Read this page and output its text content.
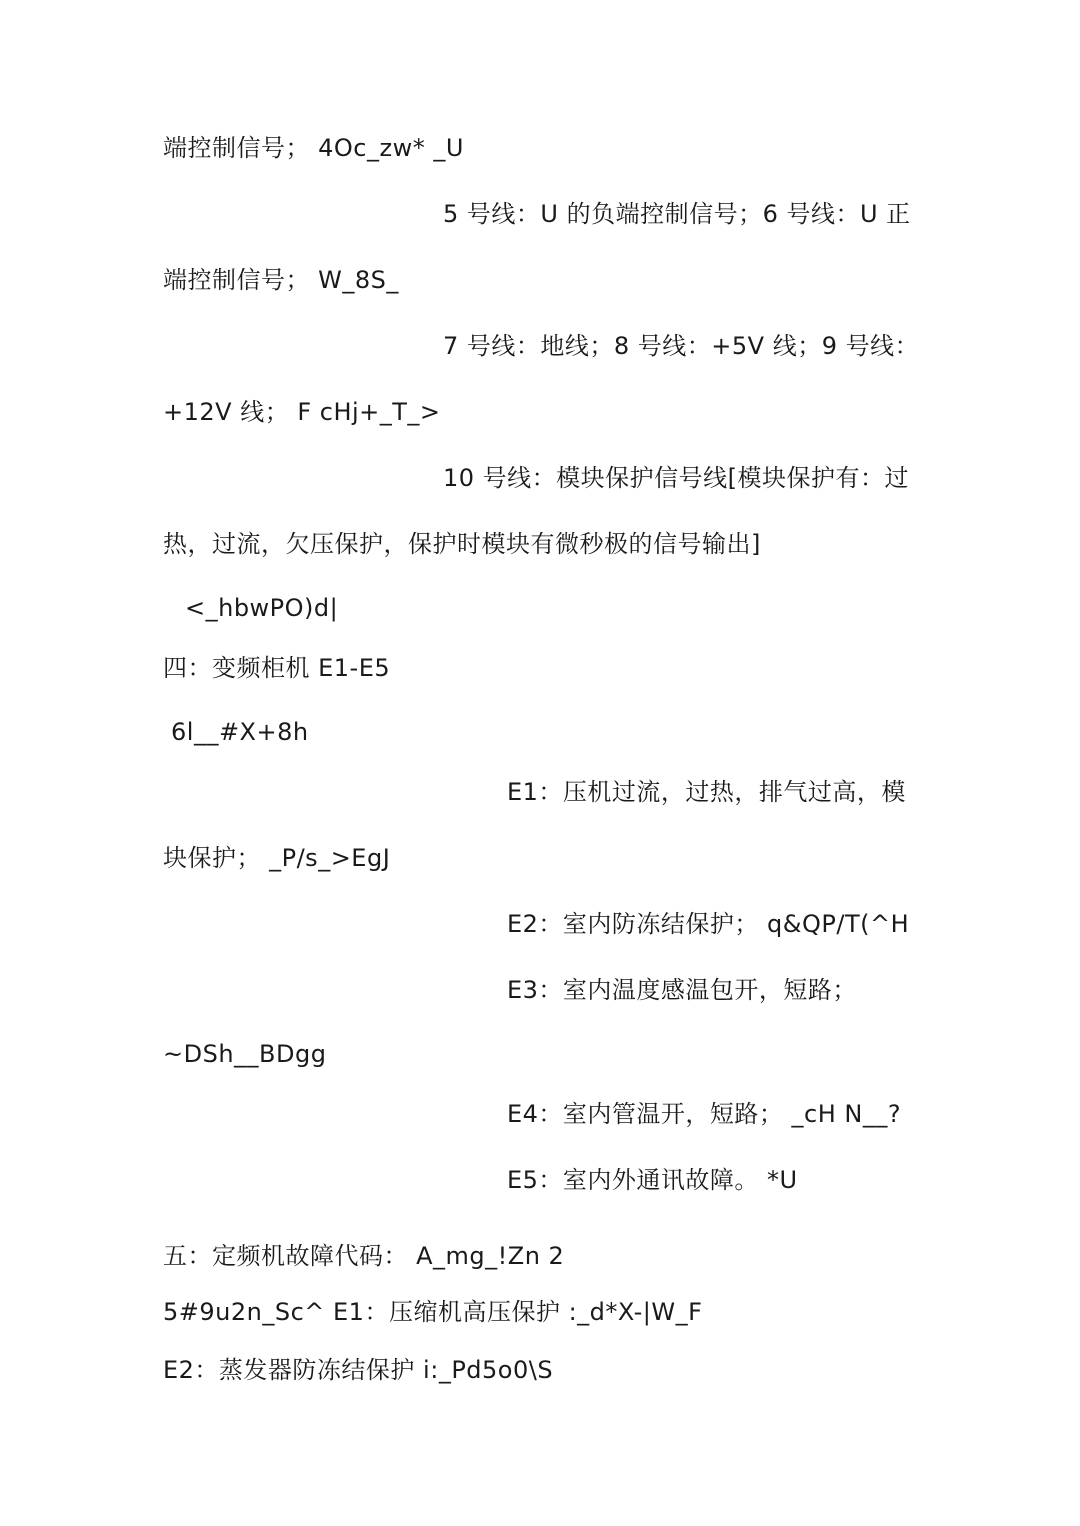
端控制信号； 4Oc_zw* _U
5 号线：U 的负端控制信号；6 号线：U 正
端控制信号； W_8S_
7 号线：地线；8 号线：+5V 线；9 号线：
+12V 线； F cHj+_T_>
10 号线：模块保护信号线[模块保护有：过
热，过流，欠压保护，保护时模块有微秒极的信号输出]
<_hbwPO)d|
四：变频柜机 E1-E5
6l__#X+8h
E1：压机过流，过热，排气过高，模
块保护； _P/s_>EgJ
E2：室内防冻结保护； q&QP/T(^H
E3：室内温度感温包开，短路；
~DSh__BDgg
E4：室内管温开，短路； _cH N__?
E5：室内外通讯故障。 *U
五：定频机故障代码： A_mg_!Zn 2
5#9u2n_Sc^ E1：压缩机高压保护 :_d*X-|W_F
E2：蒸发器防冻结保护 i:_Pd5o0\S
